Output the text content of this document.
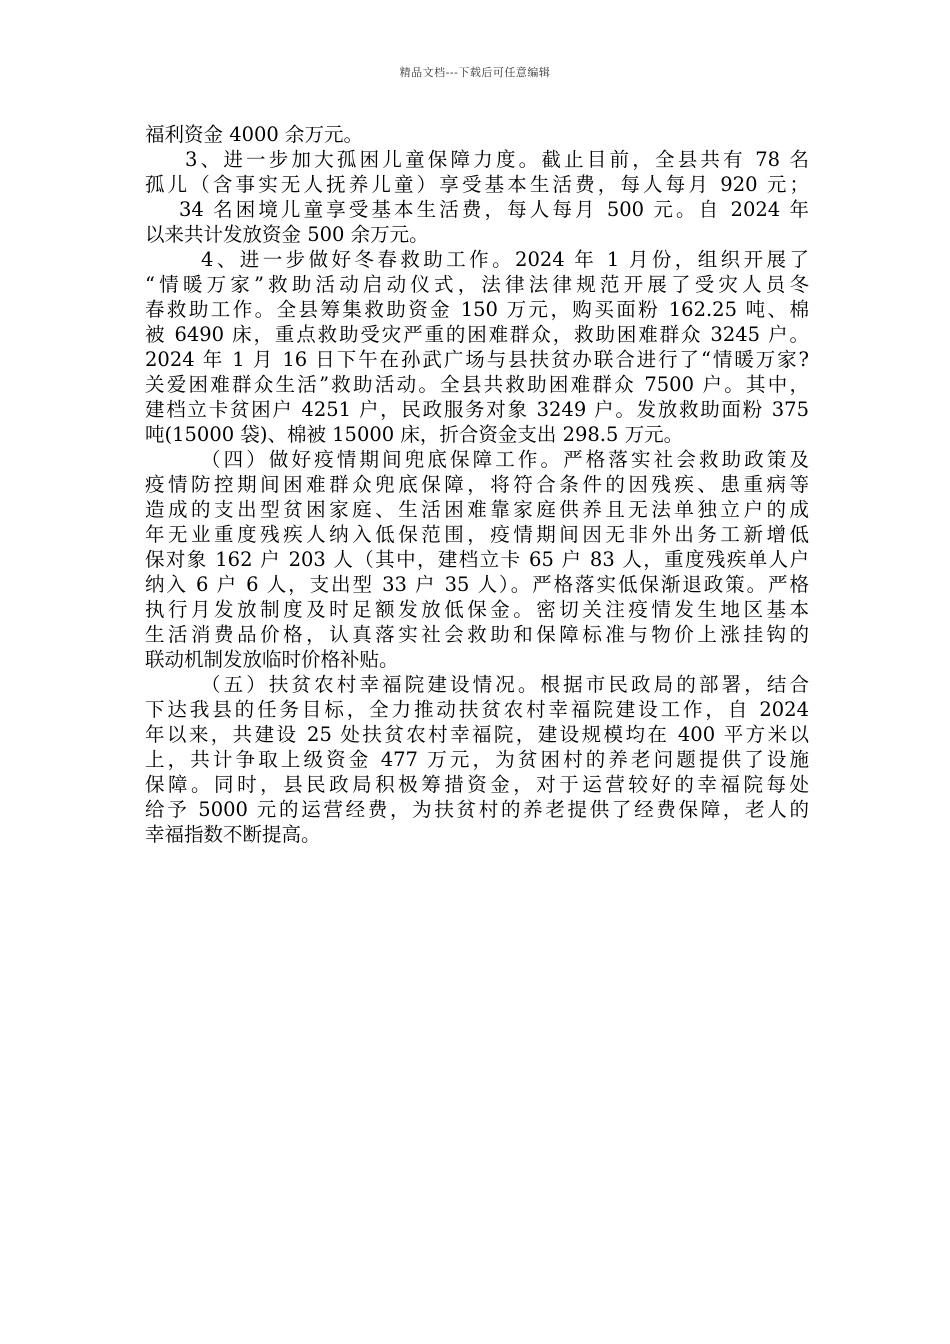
精品文档---下载后可任意编辑
福利资金 4000 余万元。
3、进一步加大孤困儿童保障力度。截止目前，全县共有 78 名
孤儿（含事实无人抚养儿童）享受基本生活费，每人每月 920 元；
34 名困境儿童享受基本生活费，每人每月 500 元。自 2024 年
以来共计发放资金 500 余万元。
4、进一步做好冬春救助工作。2024 年 1 月份，组织开展了
“情暖万家”救助活动启动仪式，法律法律规范开展了受灾人员冬
春救助工作。全县筹集救助资金 150 万元，购买面粉 162.25 吨、棉
被 6490 床，重点救助受灾严重的困难群众，救助困难群众 3245 户。
2024 年 1 月 16 日下午在孙武广场与县扶贫办联合进行了“情暖万家?
关爱困难群众生活”救助活动。全县共救助困难群众 7500 户。其中，
建档立卡贫困户 4251 户，民政服务对象 3249 户。发放救助面粉 375
吨(15000 袋)、棉被 15000 床，折合资金支出 298.5 万元。
（四）做好疫情期间兜底保障工作。严格落实社会救助政策及
疫情防控期间困难群众兜底保障，将符合条件的因残疾、患重病等
造成的支出型贫困家庭、生活困难靠家庭供养且无法单独立户的成
年无业重度残疾人纳入低保范围，疫情期间因无非外出务工新增低
保对象 162 户 203 人（其中，建档立卡 65 户 83 人，重度残疾单人户
纳入 6 户 6 人，支出型 33 户 35 人）。严格落实低保渐退政策。严格
执行月发放制度及时足额发放低保金。密切关注疫情发生地区基本
生活消费品价格，认真落实社会救助和保障标准与物价上涨挂钩的
联动机制发放临时价格补贴。
（五）扶贫农村幸福院建设情况。根据市民政局的部署，结合
下达我县的任务目标，全力推动扶贫农村幸福院建设工作，自 2024
年以来，共建设 25 处扶贫农村幸福院，建设规模均在 400 平方米以
上，共计争取上级资金 477 万元，为贫困村的养老问题提供了设施
保障。同时，县民政局积极筹措资金，对于运营较好的幸福院每处
给予 5000 元的运营经费，为扶贫村的养老提供了经费保障，老人的
幸福指数不断提高。
